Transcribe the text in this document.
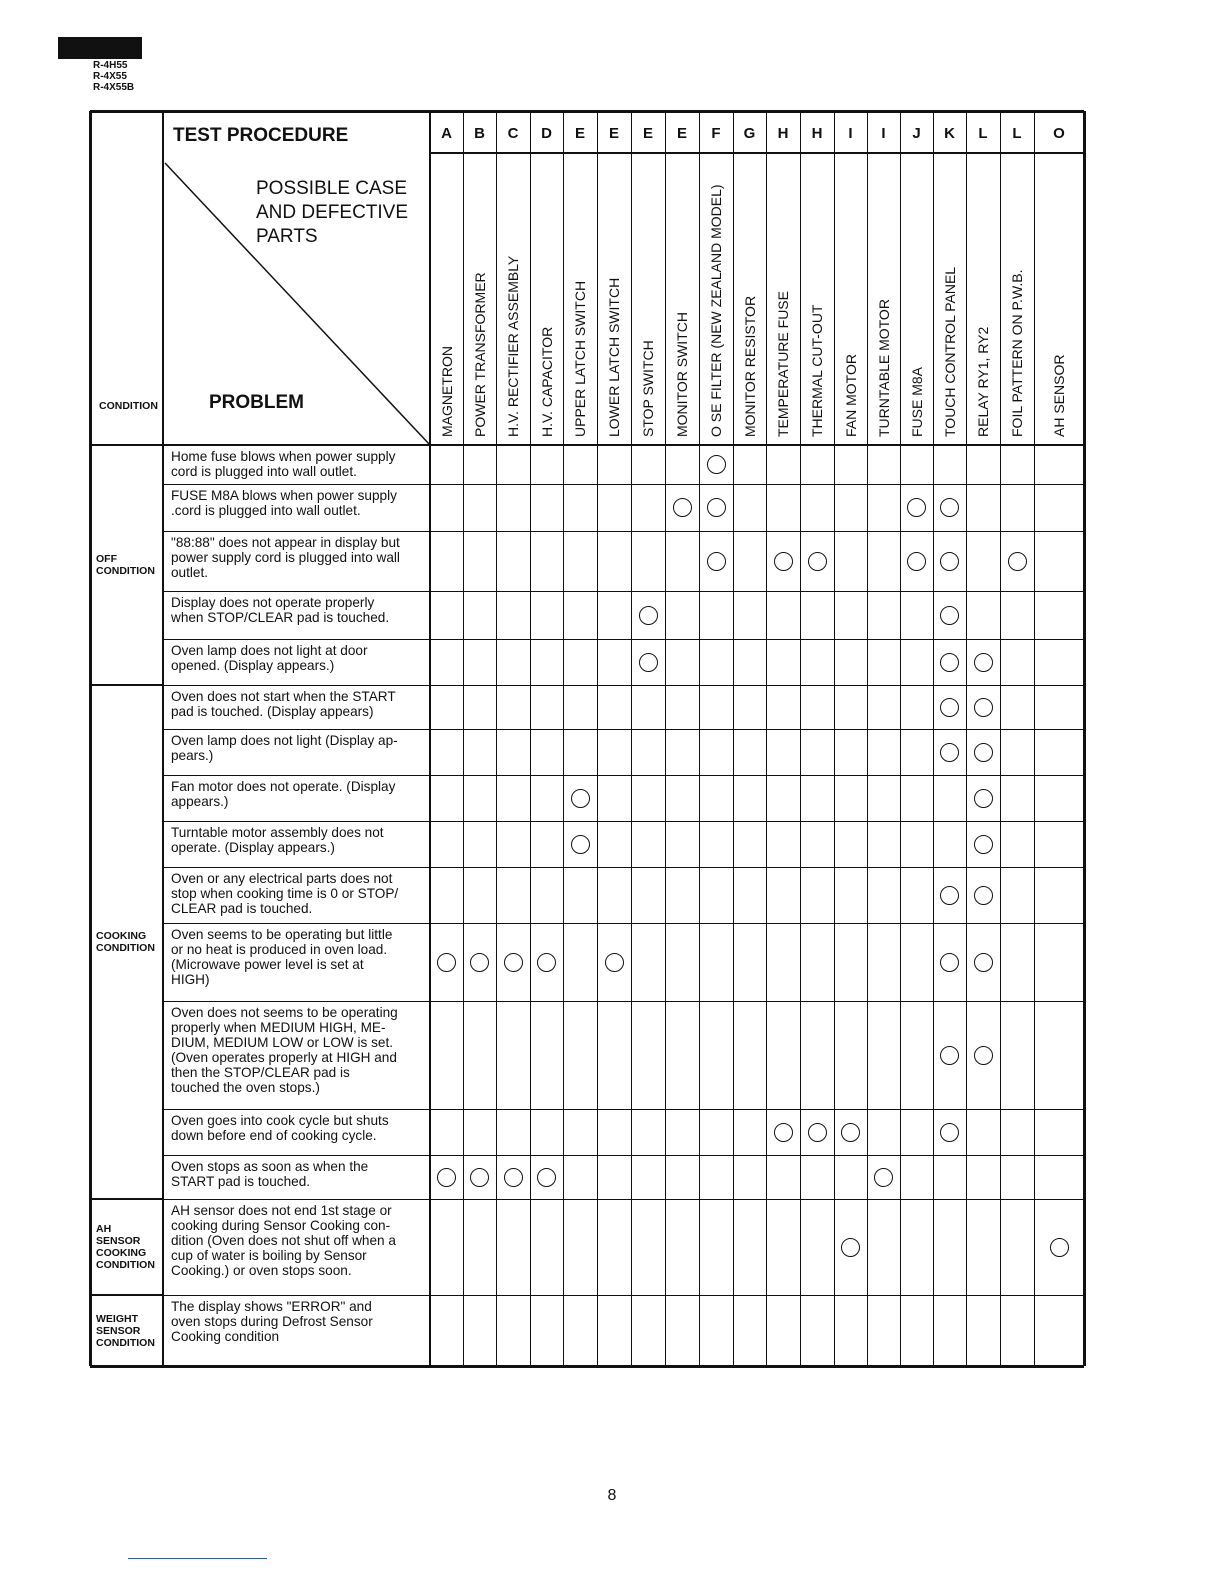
R-4H55
R-4X55
R-4X55B
TEST PROCEDURE
POSSIBLE CASE
AND DEFECTIVE
PARTS
PROBLEM
CONDITION
A
MAGNETRON
B
POWER TRANSFORMER
C
H.V. RECTIFIER ASSEMBLY
D
H.V. CAPACITOR
E
UPPER LATCH SWITCH
E
LOWER LATCH SWITCH
E
STOP SWITCH
E
MONITOR SWITCH
F
O SE FILTER (NEW ZEALAND MODEL)
G
MONITOR RESISTOR
H
TEMPERATURE FUSE
H
THERMAL CUT-OUT
I
FAN MOTOR
I
TURNTABLE MOTOR
J
FUSE M8A
K
TOUCH CONTROL PANEL
L
RELAY RY1, RY2
L
FOIL PATTERN ON P.W.B.
O
AH SENSOR
Home fuse blows when power supply
cord is plugged into wall outlet.
FUSE M8A blows when power supply
.cord is plugged into wall outlet.
"88:88" does not appear in display but
power supply cord is plugged into wall
outlet.
Display does not operate properly
when STOP/CLEAR pad is touched.
Oven lamp does not light at door
opened. (Display appears.)
Oven does not start when the START
pad is touched. (Display appears)
Oven lamp does not light (Display ap-
pears.)
Fan motor does not operate. (Display
appears.)
Turntable motor assembly does not
operate. (Display appears.)
Oven or any electrical parts does not
stop when cooking time is 0 or STOP/
CLEAR pad is touched.
Oven seems to be operating but little
or no heat is produced in oven load.
(Microwave power level is set at
HIGH)
Oven does not seems to be operating
properly when MEDIUM HIGH, ME-
DIUM, MEDIUM LOW or LOW is set.
(Oven operates properly at HIGH and
then the STOP/CLEAR pad is
touched the oven stops.)
Oven goes into cook cycle but shuts
down before end of cooking cycle.
Oven stops as soon as when the
START pad is touched.
AH sensor does not end 1st stage or
cooking during Sensor Cooking con-
dition (Oven does not shut off when a
cup of water is boiling by Sensor
Cooking.) or oven stops soon.
The display shows "ERROR" and
oven stops during Defrost Sensor
Cooking condition
OFF
CONDITION
COOKING
CONDITION
AH
SENSOR
COOKING
CONDITION
WEIGHT
SENSOR
CONDITION
8
